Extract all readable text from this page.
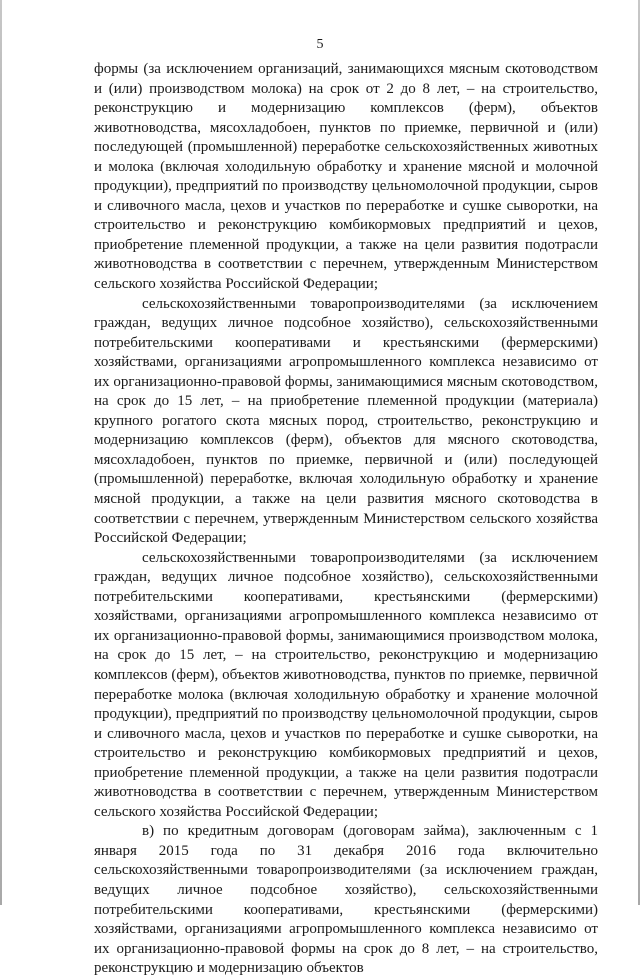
5

формы (за исключением организаций, занимающихся мясным скотоводством и (или) производством молока) на срок от 2 до 8 лет, – на строительство, реконструкцию и модернизацию комплексов (ферм), объектов животноводства, мясохладобоен, пунктов по приемке, первичной и (или) последующей (промышленной) переработке сельскохозяйственных животных и молока (включая холодильную обработку и хранение мясной и молочной продукции), предприятий по производству цельномолочной продукции, сыров и сливочного масла, цехов и участков по переработке и сушке сыворотки, на строительство и реконструкцию комбикормовых предприятий и цехов, приобретение племенной продукции, а также на цели развития подотрасли животноводства в соответствии с перечнем, утвержденным Министерством сельского хозяйства Российской Федерации;

сельскохозяйственными товаропроизводителями (за исключением граждан, ведущих личное подсобное хозяйство), сельскохозяйственными потребительскими кооперативами и крестьянскими (фермерскими) хозяйствами, организациями агропромышленного комплекса независимо от их организационно-правовой формы, занимающимися мясным скотоводством, на срок до 15 лет, – на приобретение племенной продукции (материала) крупного рогатого скота мясных пород, строительство, реконструкцию и модернизацию комплексов (ферм), объектов для мясного скотоводства, мясохладобоен, пунктов по приемке, первичной и (или) последующей (промышленной) переработке, включая холодильную обработку и хранение мясной продукции, а также на цели развития мясного скотоводства в соответствии с перечнем, утвержденным Министерством сельского хозяйства Российской Федерации;

сельскохозяйственными товаропроизводителями (за исключением граждан, ведущих личное подсобное хозяйство), сельскохозяйственными потребительскими кооперативами, крестьянскими (фермерскими) хозяйствами, организациями агропромышленного комплекса независимо от их организационно-правовой формы, занимающимися производством молока, на срок до 15 лет, – на строительство, реконструкцию и модернизацию комплексов (ферм), объектов животноводства, пунктов по приемке, первичной переработке молока (включая холодильную обработку и хранение молочной продукции), предприятий по производству цельномолочной продукции, сыров и сливочного масла, цехов и участков по переработке и сушке сыворотки, на строительство и реконструкцию комбикормовых предприятий и цехов, приобретение племенной продукции, а также на цели развития подотрасли животноводства в соответствии с перечнем, утвержденным Министерством сельского хозяйства Российской Федерации;

в) по кредитным договорам (договорам займа), заключенным с 1 января 2015 года по 31 декабря 2016 года включительно сельскохозяйственными товаропроизводителями (за исключением граждан, ведущих личное подсобное хозяйство), сельскохозяйственными потребительскими кооперативами, крестьянскими (фермерскими) хозяйствами, организациями агропромышленного комплекса независимо от их организационно-правовой формы на срок до 8 лет, – на строительство, реконструкцию и модернизацию объектов
